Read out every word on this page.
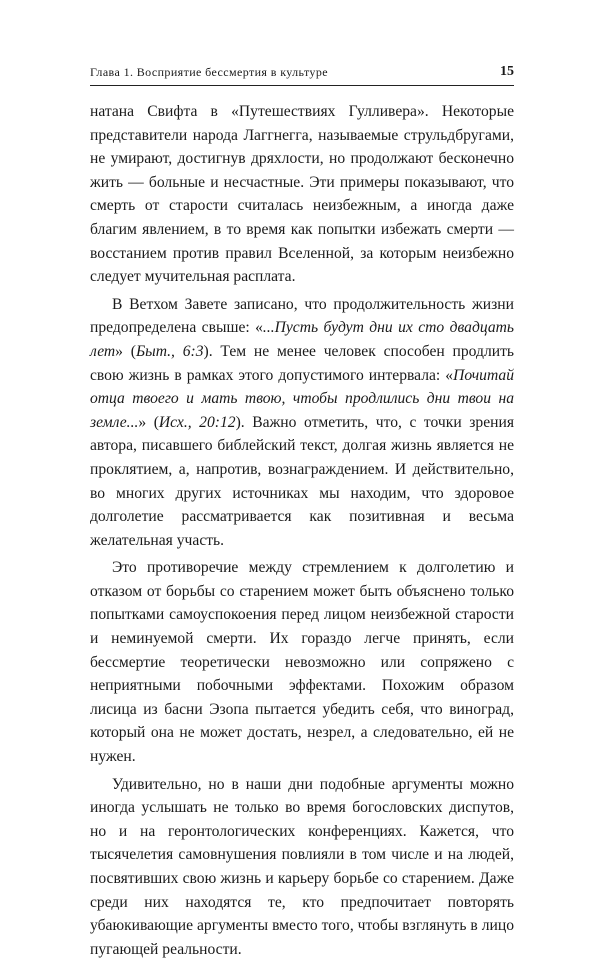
Глава 1. Восприятие бессмертия в культуре	15

натана Свифта в «Путешествиях Гулливера». Некоторые представители народа Лаггнегга, называемые струльдбругами, не умирают, достигнув дряхлости, но продолжают бесконечно жить — больные и несчастные. Эти примеры показывают, что смерть от старости считалась неизбежным, а иногда даже благим явлением, в то время как попытки избежать смерти — восстанием против правил Вселенной, за которым неизбежно следует мучительная расплата.

В Ветхом Завете записано, что продолжительность жизни предопределена свыше: «...Пусть будут дни их сто двадцать лет» (Быт., 6:3). Тем не менее человек способен продлить свою жизнь в рамках этого допустимого интервала: «Почитай отца твоего и мать твою, чтобы продлились дни твои на земле...» (Исх., 20:12). Важно отметить, что, с точки зрения автора, писавшего библейский текст, долгая жизнь является не проклятием, а, напротив, вознаграждением. И действительно, во многих других источниках мы находим, что здоровое долголетие рассматривается как позитивная и весьма желательная участь.

Это противоречие между стремлением к долголетию и отказом от борьбы со старением может быть объяснено только попытками самоуспокоения перед лицом неизбежной старости и неминуемой смерти. Их гораздо легче принять, если бессмертие теоретически невозможно или сопряжено с неприятными побочными эффектами. Похожим образом лисица из басни Эзопа пытается убедить себя, что виноград, который она не может достать, незрел, а следовательно, ей не нужен.

Удивительно, но в наши дни подобные аргументы можно иногда услышать не только во время богословских диспутов, но и на геронтологических конференциях. Кажется, что тысячелетия самовнушения повлияли в том числе и на людей, посвятивших свою жизнь и карьеру борьбе со старением. Даже среди них находятся те, кто предпочитает повторять убаюкивающие аргументы вместо того, чтобы взглянуть в лицо пугающей реальности.
